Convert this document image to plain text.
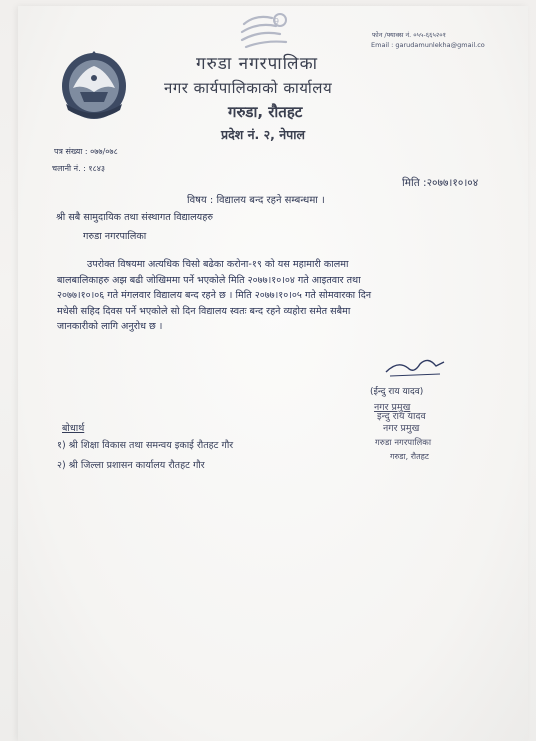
9
फोन /फ्याक्स नं. ०५५-६६५२०१
Email : garudamunlekha@gmail.co
गरुडा नगरपालिका
नगर कार्यपालिकाको कार्यालय
गरुडा, रौतहट
प्रदेश नं. २, नेपाल
पत्र संख्या : ०७७/०७८
चलानी नं. : १८४३
मिति :२०७७।१०।०४
विषय : विद्यालय बन्द रहने सम्बन्धमा ।
श्री सबै सामुदायिक तथा संस्थागत विद्यालयहरु
गरुडा नगरपालिका
उपरोक्त विषयमा अत्यधिक चिसो बढेका करोना-१९ को यस महामारी कालमा
बालबालिकाहरु अझ बढी जोखिममा पर्ने भएकोले मिति २०७७।१०।०४ गते आइतवार तथा
२०७७।१०।०६ गते मंगलवार विद्यालय बन्द रहने छ । मिति २०७७।१०।०५ गते सोमवारका दिन
मधेसी सहिद दिवस पर्ने भएकोले सो दिन विद्यालय स्वतः बन्द रहने व्यहोरा समेत सबैमा
जानकारीको लागि अनुरोध छ ।
(ईन्दु राय यादव)
नगर प्रमुख
इन्दु राय यादव
नगर प्रमुख
गरुडा नगरपालिका
गरुडा, रौतहट
बोधार्थ
१) श्री शिक्षा विकास तथा समन्वय इकाई रौतहट गौर
२) श्री जिल्ला प्रशासन कार्यालय रौतहट गौर
